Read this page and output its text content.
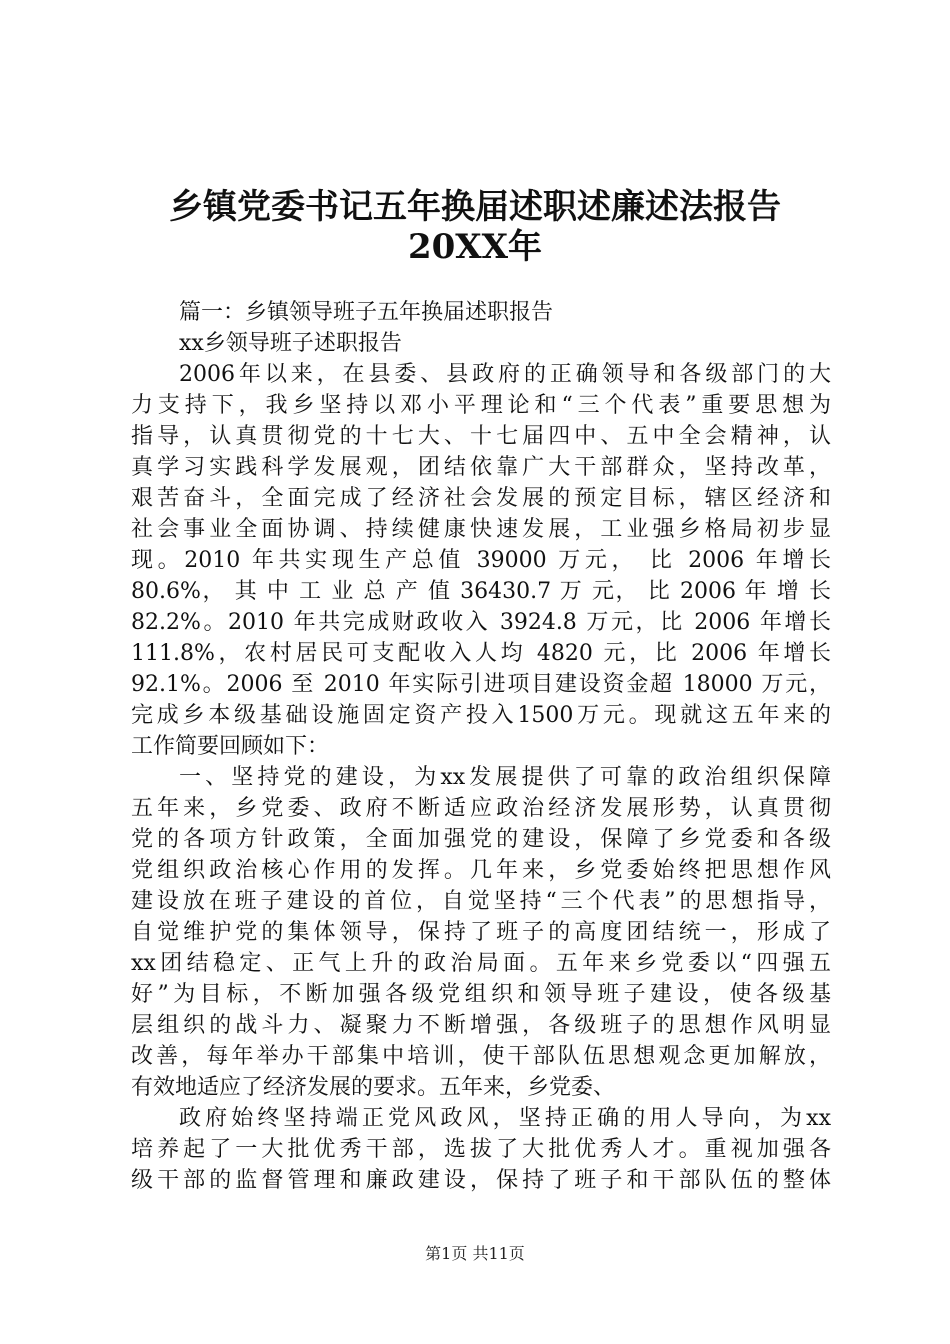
乡镇党委书记五年换届述职述廉述法报告
20XX年
篇一：乡镇领导班子五年换届述职报告
xx乡领导班子述职报告
2006年以来，在县委、县政府的正确领导和各级部门的大
力支持下，我乡坚持以邓小平理论和“三个代表”重要思想为
指导，认真贯彻党的十七大、十七届四中、五中全会精神，认
真学习实践科学发展观，团结依靠广大干部群众，坚持改革，
艰苦奋斗，全面完成了经济社会发展的预定目标，辖区经济和
社会事业全面协调、持续健康快速发展，工业强乡格局初步显
现。2010 年共实现生产总值 39000 万元， 比 2006 年增长
80.6%， 其 中 工 业 总 产 值 36430.7 万 元， 比 2006 年 增 长
82.2%。2010 年共完成财政收入 3924.8 万元，比 2006 年增长
111.8%，农村居民可支配收入人均 4820 元，比 2006 年增长
92.1%。2006 至 2010 年实际引进项目建设资金超 18000 万元，
完成乡本级基础设施固定资产投入1500万元。现就这五年来的
工作简要回顾如下：
一、坚持党的建设，为xx发展提供了可靠的政治组织保障
五年来，乡党委、政府不断适应政治经济发展形势，认真贯彻
党的各项方针政策，全面加强党的建设，保障了乡党委和各级
党组织政治核心作用的发挥。几年来，乡党委始终把思想作风
建设放在班子建设的首位，自觉坚持“三个代表”的思想指导，
自觉维护党的集体领导，保持了班子的高度团结统一，形成了
xx团结稳定、正气上升的政治局面。五年来乡党委以“四强五
好”为目标，不断加强各级党组织和领导班子建设，使各级基
层组织的战斗力、凝聚力不断增强，各级班子的思想作风明显
改善，每年举办干部集中培训，使干部队伍思想观念更加解放，
有效地适应了经济发展的要求。五年来，乡党委、
政府始终坚持端正党风政风，坚持正确的用人导向，为xx
培养起了一大批优秀干部，选拔了大批优秀人才。重视加强各
级干部的监督管理和廉政建设，保持了班子和干部队伍的整体
第1页 共11页
